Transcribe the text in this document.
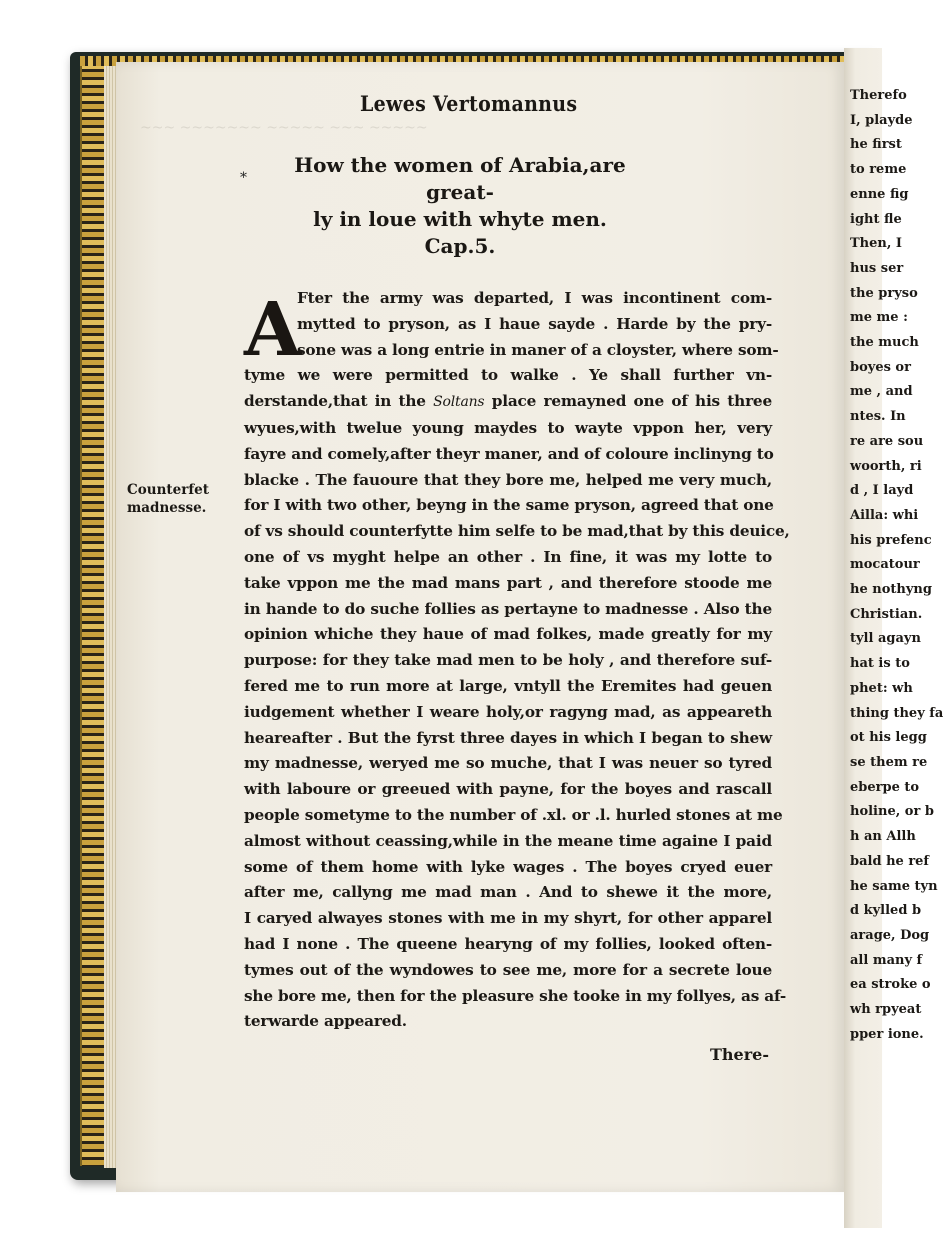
~~~ ~~~~~~~ ~~~~~ ~~~ ~~~~~
Lewes Vertomannus
How the women of Arabia,are great-
ly in loue with whyte men.
Cap.5.
*
A
Fter the army was departed, I was incontinent com-
mytted to pryson, as I haue sayde . Harde by the pry-
sone was a long entrie in maner of a cloyster, where som-
tyme we were permitted to walke . Ye shall further vn-
derstande,that in the Soltans place remayned one of his three
wyues,with twelue young maydes to wayte vppon her, very
fayre and comely,after theyr maner, and of coloure inclinyng to
blacke . The fauoure that they bore me, helped me very much,
for I with two other, beyng in the same pryson, agreed that one
of vs should counterfytte him selfe to be mad,that by this deuice,
one of vs myght helpe an other . In fine, it was my lotte to
take vppon me the mad mans part , and therefore stoode me
in hande to do suche follies as pertayne to madnesse . Also the
opinion whiche they haue of mad folkes, made greatly for my
purpose: for they take mad men to be holy , and therefore suf-
fered me to run more at large, vntyll the Eremites had geuen
iudgement whether I weare holy,or ragyng mad, as appeareth
heareafter . But the fyrst three dayes in which I began to shew
my madnesse, weryed me so muche, that I was neuer so tyred
with laboure or greeued with payne, for the boyes and rascall
people sometyme to the number of .xl. or .l. hurled stones at me
almost without ceassing,while in the meane time againe I paid
some of them home with lyke wages . The boyes cryed euer
after me, callyng me mad man . And to shewe it the more,
I caryed alwayes stones with me in my shyrt, for other apparel
had I none . The queene hearyng of my follies, looked often-
tymes out of the wyndowes to see me, more for a secrete loue
she bore me, then for the pleasure she tooke in my follyes, as af-
terwarde appeared.
Counterfet
madnesse.
There-
Therefo
I, playde
he first
to reme
enne fig
ight fle
Then, I
hus ser
the pryso
me me :
the much
boyes or
me , and
ntes. In
re are sou
woorth, ri
d , I layd
Ailla: whi
his prefenc
mocatour
he nothyng
Christian.
tyll agayn
hat is to
phet: wh
thing they fa
ot his legg
se them re
eberpe to
holine, or b
h an Allh
bald he ref
he same tyn
d kylled b
arage, Dog
all many f
ea stroke o
wh rpyeat
pper ione.
